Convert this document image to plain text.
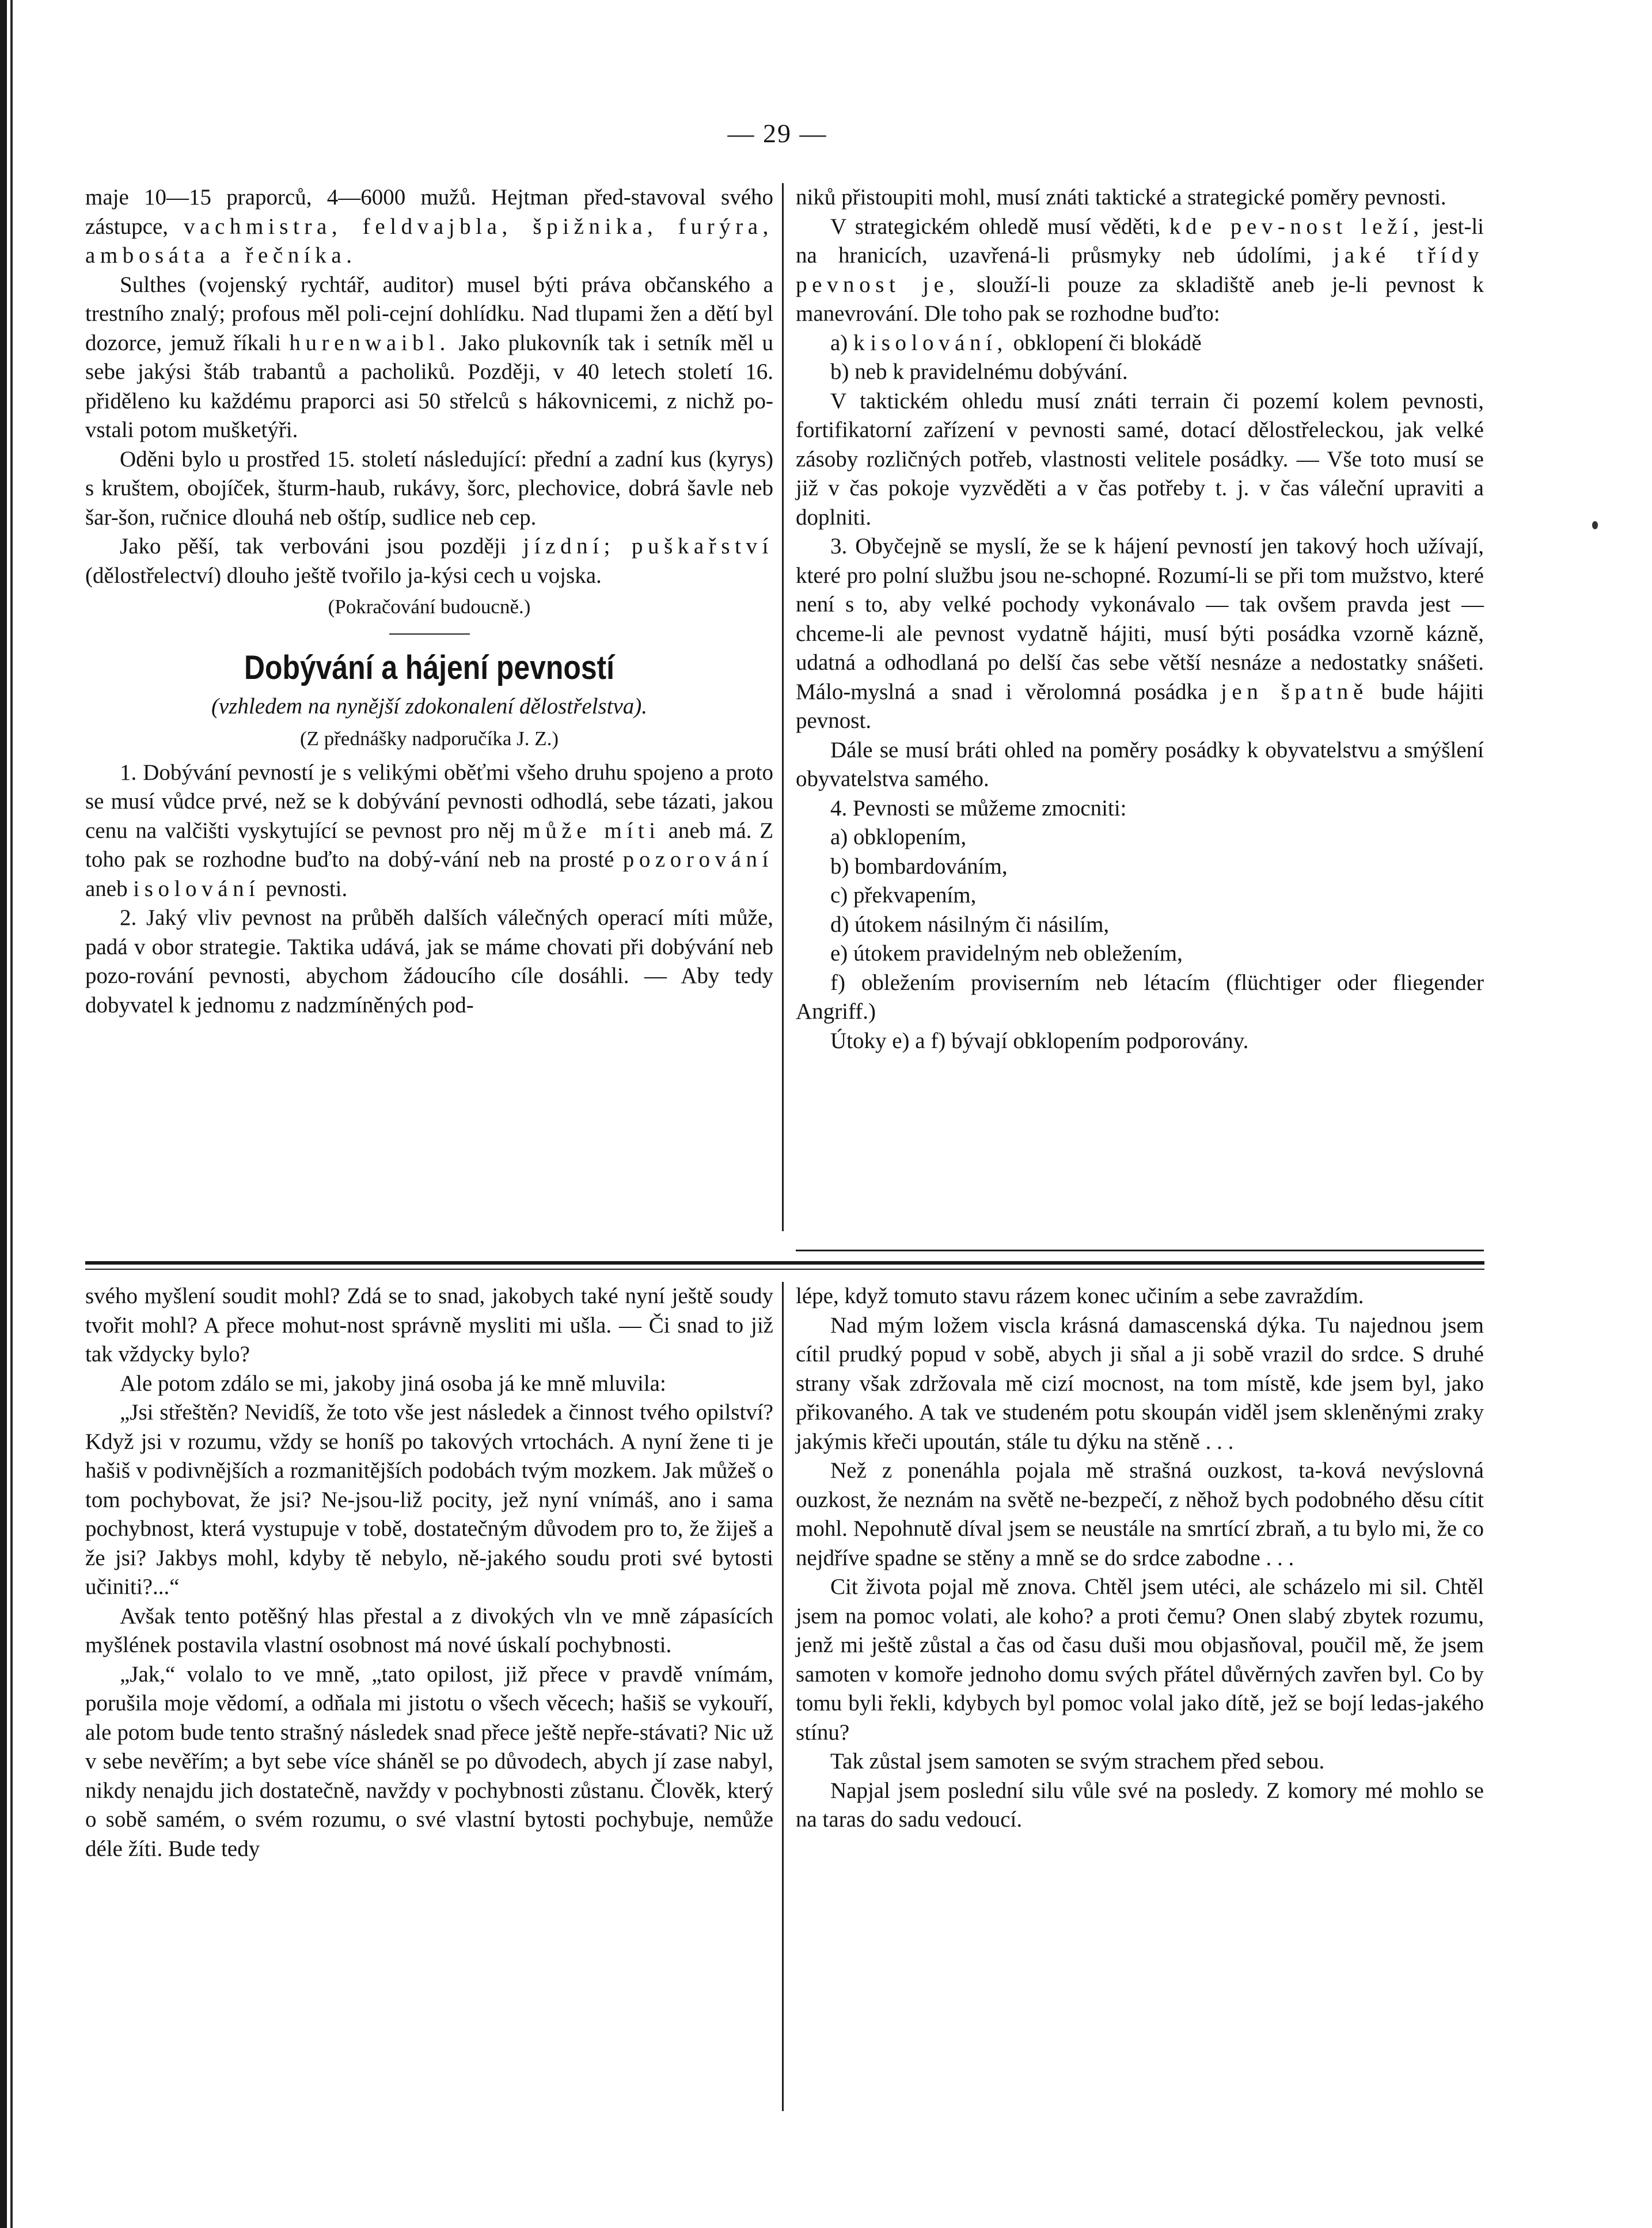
— 29 —

maje 10—15 praporců, 4—6000 mužů. Hejtman před-stavoval svého zástupce, vachmistra, feldvajbla, špižnika, furýra, ambosáta a řečníka.

Sulthes (vojenský rychtář, auditor) musel býti práva občanského a trestního znalý; profous měl poli-cejní dohlídku. Nad tlupami žen a dětí byl dozorce, jemuž říkali hurenwaibl. Jako plukovník tak i setník měl u sebe jakýsi štáb trabantů a pacholiků. Později, v 40 letech století 16. přiděleno ku každému praporci asi 50 střelců s hákovnicemi, z nichž po-vstali potom mušketýři.

Oděni bylo u prostřed 15. století následující: přední a zadní kus (kyrys) s kruštem, obojíček, šturm-haub, rukávy, šorc, plechovice, dobrá šavle neb šar-šon, ručnice dlouhá neb oštíp, sudlice neb cep.

Jako pěší, tak verbováni jsou později jízdní; puškařství (dělostřelectví) dlouho ještě tvořilo ja-kýsi cech u vojska.

(Pokračování budoucně.)

Dobývání a hájení pevností

(vzhledem na nynější zdokonalení dělostřelstva).

(Z přednášky nadporučíka J. Z.)

1. Dobývání pevností je s velikými oběťmi všeho druhu spojeno a proto se musí vůdce prvé, než se k dobývání pevnosti odhodlá, sebe tázati, jakou cenu na valčišti vyskytující se pevnost pro něj může míti aneb má. Z toho pak se rozhodne buďto na dobý-vání neb na prosté pozorování aneb isolování pevnosti.

2. Jaký vliv pevnost na průběh dalších válečných operací míti může, padá v obor strategie. Taktika udává, jak se máme chovati při dobývání neb pozo-rování pevnosti, abychom žádoucího cíle dosáhli. — Aby tedy dobyvatel k jednomu z nadzmíněných pod-

niků přistoupiti mohl, musí znáti taktické a strategické poměry pevnosti.

V strategickém ohledě musí věděti, kde pev-nost leží, jest-li na hranicích, uzavřená-li průsmyky neb údolími, jaké třídy pevnost je, slouží-li pouze za skladiště aneb je-li pevnost k manevrování. Dle toho pak se rozhodne buďto:

a) k isolování, obklopení či blokádě

b) neb k pravidelnému dobývání.

V taktickém ohledu musí znáti terrain či pozemí kolem pevnosti, fortifikatorní zařízení v pevnosti samé, dotací dělostřeleckou, jak velké zásoby rozličných potřeb, vlastnosti velitele posádky. — Vše toto musí se již v čas pokoje vyzvěděti a v čas potřeby t. j. v čas váleční upraviti a doplniti.

3. Obyčejně se myslí, že se k hájení pevností jen takový hoch užívají, které pro polní službu jsou ne-schopné. Rozumí-li se při tom mužstvo, které není s to, aby velké pochody vykonávalo — tak ovšem pravda jest — chceme-li ale pevnost vydatně hájiti, musí býti posádka vzorně kázně, udatná a odhodlaná po delší čas sebe větší nesnáze a nedostatky snášeti. Málo-myslná a snad i věrolomná posádka jen špatně bude hájiti pevnost.

Dále se musí bráti ohled na poměry posádky k obyvatelstvu a smýšlení obyvatelstva samého.

4. Pevnosti se můžeme zmocniti:

a) obklopením,

b) bombardováním,

c) překvapením,

d) útokem násilným či násilím,

e) útokem pravidelným neb obležením,

f) obležením proviserním neb létacím (flüchtiger oder fliegender Angriff.)

Útoky e) a f) bývají obklopením podporovány.

svého myšlení soudit mohl? Zdá se to snad, jakobych také nyní ještě soudy tvořit mohl? A přece mohut-nost správně mysliti mi ušla. — Či snad to již tak vždycky bylo?

Ale potom zdálo se mi, jakoby jiná osoba já ke mně mluvila:

„Jsi střeštěn? Nevidíš, že toto vše jest následek a činnost tvého opilství? Když jsi v rozumu, vždy se honíš po takových vrtochách. A nyní žene ti je hašiš v podivnějších a rozmanitějších podobách tvým mozkem. Jak můžeš o tom pochybovat, že jsi? Ne-jsou-liž pocity, jež nyní vnímáš, ano i sama pochybnost, která vystupuje v tobě, dostatečným důvodem pro to, že žiješ a že jsi? Jakbys mohl, kdyby tě nebylo, ně-jakého soudu proti své bytosti učiniti?...“

Avšak tento potěšný hlas přestal a z divokých vln ve mně zápasících myšlének postavila vlastní osobnost má nové úskalí pochybnosti.

„Jak,“ volalo to ve mně, „tato opilost, již přece v pravdě vnímám, porušila moje vědomí, a odňala mi jistotu o všech věcech; hašiš se vykouří, ale potom bude tento strašný následek snad přece ještě nepře-stávati? Nic už v sebe nevěřím; a byt sebe více sháněl se po důvodech, abych jí zase nabyl, nikdy nenajdu jich dostatečně, navždy v pochybnosti zůstanu. Člověk, který o sobě samém, o svém rozumu, o své vlastní bytosti pochybuje, nemůže déle žíti. Bude tedy

lépe, když tomuto stavu rázem konec učiním a sebe zavraždím.

Nad mým ložem viscla krásná damascenská dýka. Tu najednou jsem cítil prudký popud v sobě, abych ji sňal a ji sobě vrazil do srdce. S druhé strany však zdržovala mě cizí mocnost, na tom místě, kde jsem byl, jako přikovaného. A tak ve studeném potu skoupán viděl jsem skleněnými zraky jakýmis křeči upoután, stále tu dýku na stěně . . .

Než z ponenáhla pojala mě strašná ouzkost, ta-ková nevýslovná ouzkost, že neznám na světě ne-bezpečí, z něhož bych podobného děsu cítit mohl. Nepohnutě díval jsem se neustále na smrtící zbraň, a tu bylo mi, že co nejdříve spadne se stěny a mně se do srdce zabodne . . .

Cit života pojal mě znova. Chtěl jsem utéci, ale scházelo mi sil. Chtěl jsem na pomoc volati, ale koho? a proti čemu? Onen slabý zbytek rozumu, jenž mi ještě zůstal a čas od času duši mou objasňoval, poučil mě, že jsem samoten v komoře jednoho domu svých přátel důvěrných zavřen byl. Co by tomu byli řekli, kdybych byl pomoc volal jako dítě, jež se bojí ledas-jakého stínu?

Tak zůstal jsem samoten se svým strachem před sebou.

Napjal jsem poslední silu vůle své na posledy. Z komory mé mohlo se na taras do sadu vedoucí.
